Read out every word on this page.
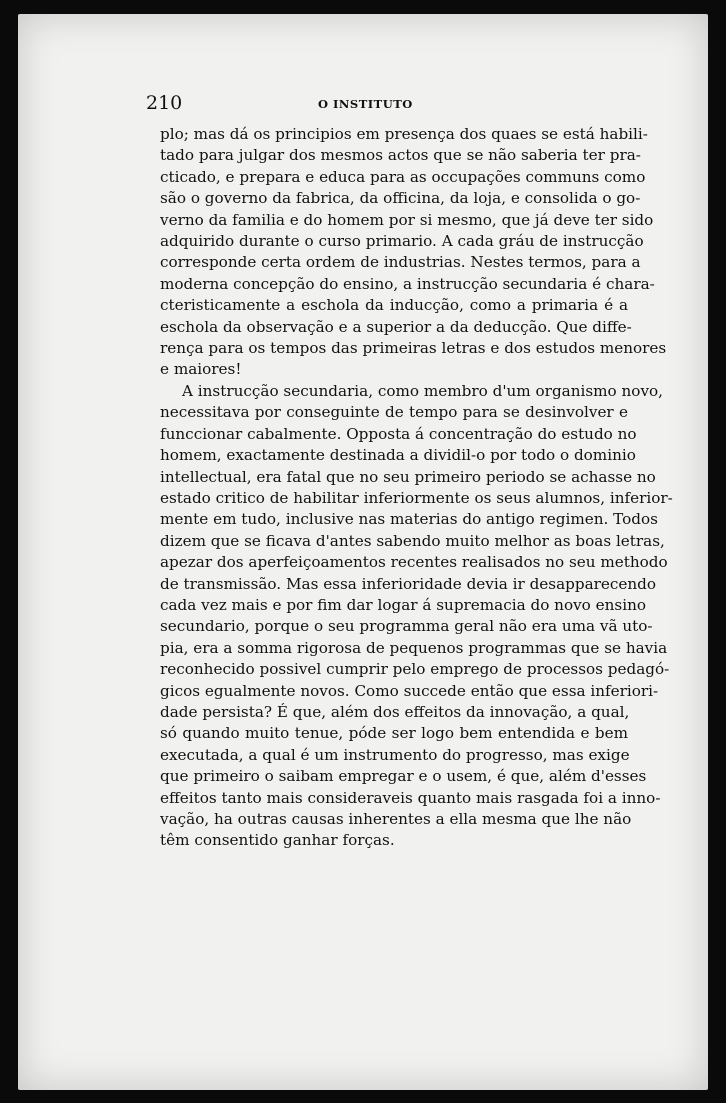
210	O INSTITUTO

plo; mas dá os principios em presença dos quaes se está habili-
tado para julgar dos mesmos actos que se não saberia ter pra-
cticado, e prepara e educa para as occupações communs como
são o governo da fabrica, da officina, da loja, e consolida o go-
verno da familia e do homem por si mesmo, que já deve ter sido
adquirido durante o curso primario. A cada gráu de instrucção
corresponde certa ordem de industrias. Nestes termos, para a
moderna concepção do ensino, a instrucção secundaria é chara-
cteristicamente a eschola da inducção, como a primaria é a
eschola da observação e a superior a da deducção. Que diffe-
rença para os tempos das primeiras letras e dos estudos menores
e maiores!

A instrucção secundaria, como membro d'um organismo novo,
necessitava por conseguinte de tempo para se desinvolver e
funccionar cabalmente. Opposta á concentração do estudo no
homem, exactamente destinada a dividil-o por todo o dominio
intellectual, era fatal que no seu primeiro periodo se achasse no
estado critico de habilitar inferiormente os seus alumnos, inferior-
mente em tudo, inclusive nas materias do antigo regimen. Todos
dizem que se ficava d'antes sabendo muito melhor as boas letras,
apezar dos aperfeiçoamentos recentes realisados no seu methodo
de transmissão. Mas essa inferioridade devia ir desapparecendo
cada vez mais e por fim dar logar á supremacia do novo ensino
secundario, porque o seu programma geral não era uma vã uto-
pia, era a somma rigorosa de pequenos programmas que se havia
reconhecido possivel cumprir pelo emprego de processos pedagó-
gicos egualmente novos. Como succede então que essa inferiori-
dade persista? É que, além dos effeitos da innovação, a qual,
só quando muito tenue, póde ser logo bem entendida e bem
executada, a qual é um instrumento do progresso, mas exige
que primeiro o saibam empregar e o usem, é que, além d'esses
effeitos tanto mais consideraveis quanto mais rasgada foi a inno-
vação, ha outras causas inherentes a ella mesma que lhe não
têm consentido ganhar forças.
